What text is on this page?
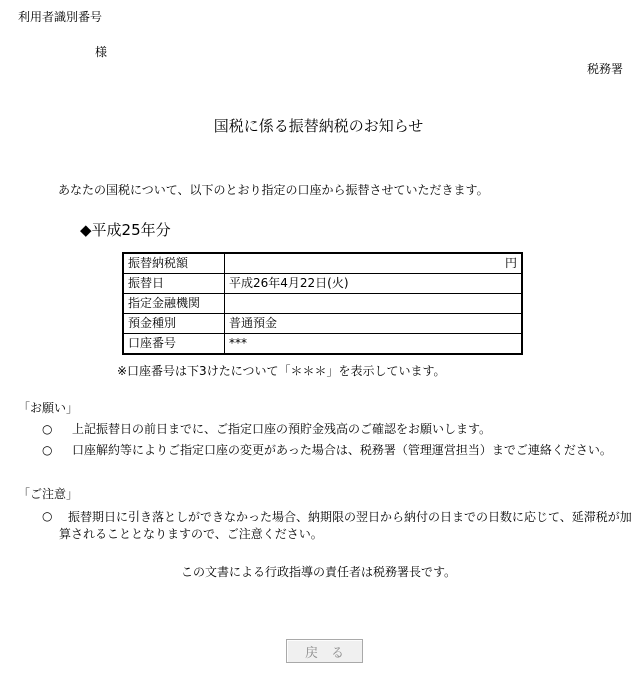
利用者識別番号
様
税務署
国税に係る振替納税のお知らせ
あなたの国税について、以下のとおり指定の口座から振替させていただきます。
◆平成25年分
振替納税額	円
振替日	平成26年4月22日(火)
指定金融機関	
預金種別	普通預金
口座番号	***
※口座番号は下3けたについて「＊＊＊」を表示しています。
「お願い」
○	上記振替日の前日までに、ご指定口座の預貯金残高のご確認をお願いします。
○	口座解約等によりご指定口座の変更があった場合は、税務署（管理運営担当）までご連絡ください。
「ご注意」
○	振替期日に引き落としができなかった場合、納期限の翌日から納付の日までの日数に応じて、延滞税が加
算されることとなりますので、ご注意ください。
この文書による行政指導の責任者は税務署長です。
戻　る
